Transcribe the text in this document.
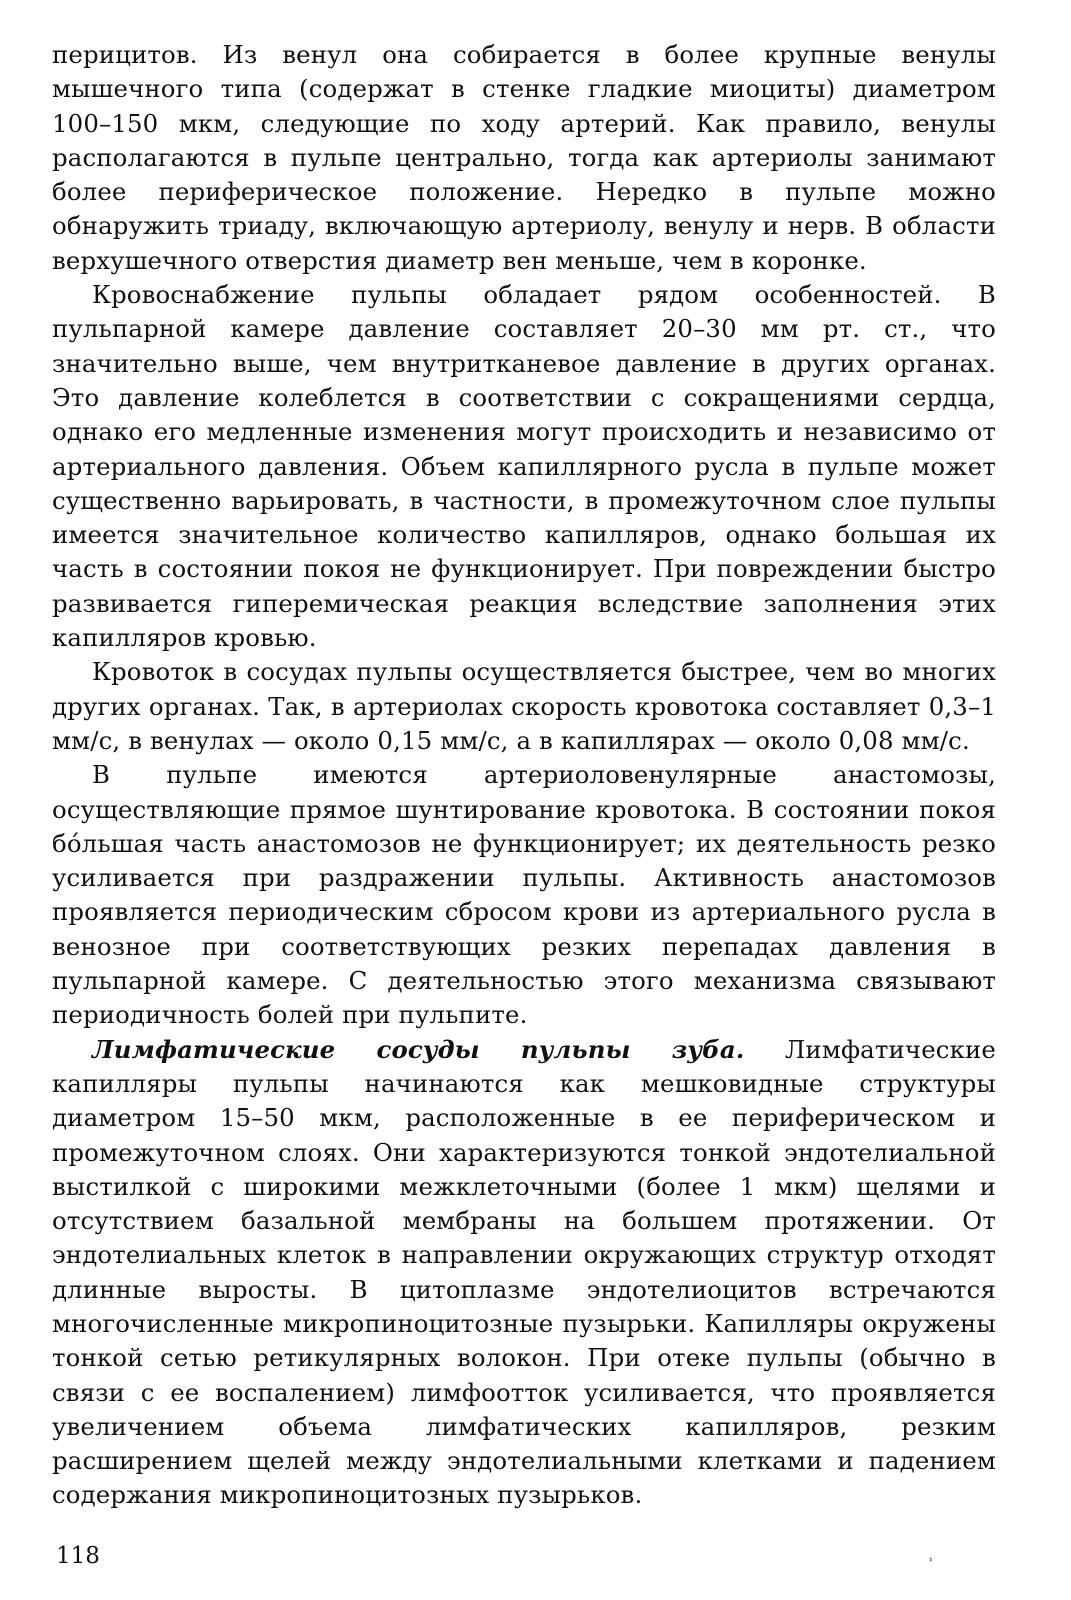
перицитов. Из венул она собирается в более крупные венулы мышечного типа (содержат в стенке гладкие миоциты) диаметром 100–150 мкм, следующие по ходу артерий. Как правило, венулы располагаются в пульпе центрально, тогда как артериолы занимают более периферическое положение. Нередко в пульпе можно обнаружить триаду, включающую артериолу, венулу и нерв. В области верхушечного отверстия диаметр вен меньше, чем в коронке.

Кровоснабжение пульпы обладает рядом особенностей. В пульпарной камере давление составляет 20–30 мм рт. ст., что значительно выше, чем внутритканевое давление в других органах. Это давление колеблется в соответствии с сокращениями сердца, однако его медленные изменения могут происходить и независимо от артериального давления. Объем капиллярного русла в пульпе может существенно варьировать, в частности, в промежуточном слое пульпы имеется значительное количество капилляров, однако большая их часть в состоянии покоя не функционирует. При повреждении быстро развивается гиперемическая реакция вследствие заполнения этих капилляров кровью.

Кровоток в сосудах пульпы осуществляется быстрее, чем во многих других органах. Так, в артериолах скорость кровотока составляет 0,3–1 мм/с, в венулах — около 0,15 мм/с, а в капиллярах — около 0,08 мм/с.

В пульпе имеются артериоловенулярные анастомозы, осуществляющие прямое шунтирование кровотока. В состоянии покоя бо́льшая часть анастомозов не функционирует; их деятельность резко усиливается при раздражении пульпы. Активность анастомозов проявляется периодическим сбросом крови из артериального русла в венозное при соответствующих резких перепадах давления в пульпарной камере. С деятельностью этого механизма связывают периодичность болей при пульпите.

Лимфатические сосуды пульпы зуба. Лимфатические капилляры пульпы начинаются как мешковидные структуры диаметром 15–50 мкм, расположенные в ее периферическом и промежуточном слоях. Они характеризуются тонкой эндотелиальной выстилкой с широкими межклеточными (более 1 мкм) щелями и отсутствием базальной мембраны на большем протяжении. От эндотелиальных клеток в направлении окружающих структур отходят длинные выросты. В цитоплазме эндотелиоцитов встречаются многочисленные микропиноцитозные пузырьки. Капилляры окружены тонкой сетью ретикулярных волокон. При отеке пульпы (обычно в связи с ее воспалением) лимфоотток усиливается, что проявляется увеличением объема лимфатических капилляров, резким расширением щелей между эндотелиальными клетками и падением содержания микропиноцитозных пузырьков.

118	˒
